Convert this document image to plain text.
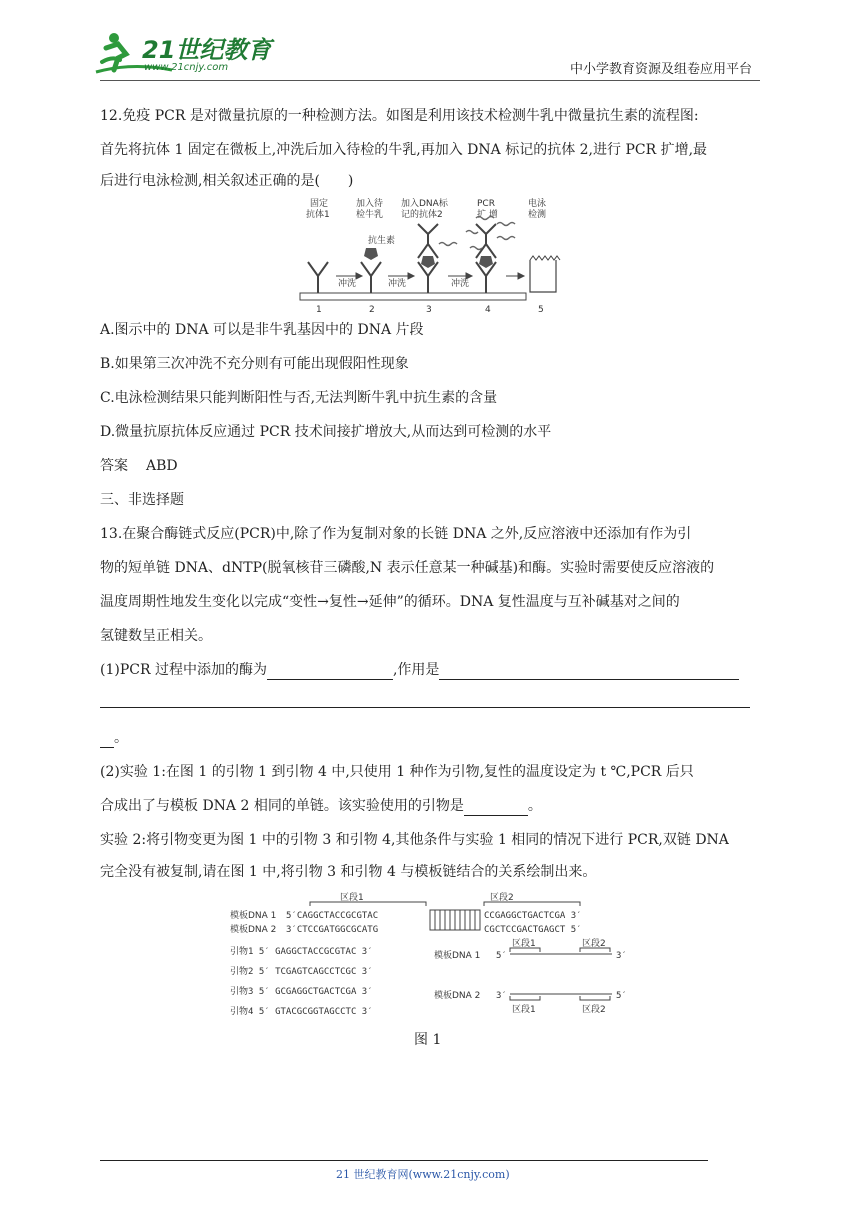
21世纪教育
www.21cnjy.com	中小学教育资源及组卷应用平台
12.免疫 PCR 是对微量抗原的一种检测方法。如图是利用该技术检测牛乳中微量抗生素的流程图:
首先将抗体 1 固定在微板上,冲洗后加入待检的牛乳,再加入 DNA 标记的抗体 2,进行 PCR 扩增,最
后进行电泳检测,相关叙述正确的是(　　)
固定
抗体1
加入待
检牛乳
加入DNA标
记的抗体2
PCR
扩 增
电泳
检测
抗生素
冲洗	冲洗	冲洗
1	2	3	4	5
A.图示中的 DNA 可以是非牛乳基因中的 DNA 片段
B.如果第三次冲洗不充分则有可能出现假阳性现象
C.电泳检测结果只能判断阳性与否,无法判断牛乳中抗生素的含量
D.微量抗原抗体反应通过 PCR 技术间接扩增放大,从而达到可检测的水平
答案 ABD
三、非选择题
13.在聚合酶链式反应(PCR)中,除了作为复制对象的长链 DNA 之外,反应溶液中还添加有作为引
物的短单链 DNA、dNTP(脱氧核苷三磷酸,N 表示任意某一种碱基)和酶。实验时需要使反应溶液的
温度周期性地发生变化以完成“变性→复性→延伸”的循环。DNA 复性温度与互补碱基对之间的
氢键数呈正相关。
(1)PCR 过程中添加的酶为	,作用是
。
(2)实验 1:在图 1 的引物 1 到引物 4 中,只使用 1 种作为引物,复性的温度设定为 t ℃,PCR 后只
合成出了与模板 DNA 2 相同的单链。该实验使用的引物是	。
实验 2:将引物变更为图 1 中的引物 3 和引物 4,其他条件与实验 1 相同的情况下进行 PCR,双链 DNA
完全没有被复制,请在图 1 中,将引物 3 和引物 4 与模板链结合的关系绘制出来。
区段1	区段2
模板DNA 1
模板DNA 2
5′CAGGCTACCGCGTAC
3′CTCCGATGGCGCATG
CCGAGGCTGACTCGA 3′
CGCTCCGACTGAGCT 5′
引物1 5′ GAGGCTACCGCGTAC 3′
引物2 5′ TCGAGTCAGCCTCGC 3′
引物3 5′ GCGAGGCTGACTCGA 3′
引物4 5′ GTACGCGGTAGCCTC 3′
区段1	区段2
模板DNA 1 5′	3′
模板DNA 2 3′	5′
区段1	区段2
图 1
21 世纪教育网(www.21cnjy.com)
